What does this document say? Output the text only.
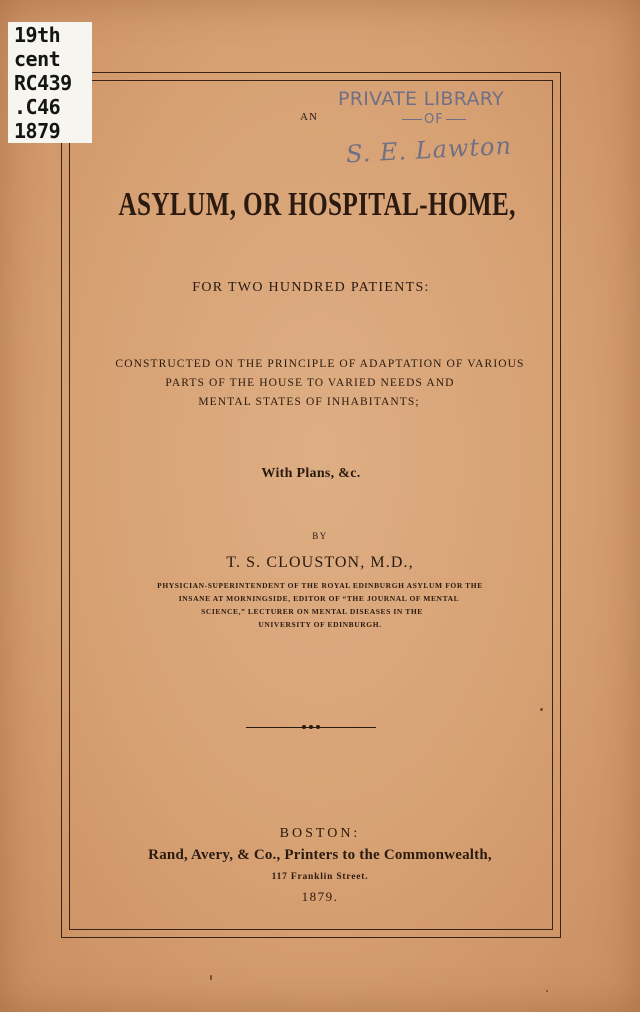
19th
cent
RC439
.C46
1879
PRIVATE LIBRARY
OF
S. E. Lawton
AN
ASYLUM, OR HOSPITAL-HOME,
FOR TWO HUNDRED PATIENTS:
CONSTRUCTED ON THE PRINCIPLE OF ADAPTATION OF VARIOUS
PARTS OF THE HOUSE TO VARIED NEEDS AND
MENTAL STATES OF INHABITANTS;
With Plans, &c.
BY
T. S. CLOUSTON, M.D.,
PHYSICIAN-SUPERINTENDENT OF THE ROYAL EDINBURGH ASYLUM FOR THE
INSANE AT MORNINGSIDE, EDITOR OF “THE JOURNAL OF MENTAL
SCIENCE,” LECTURER ON MENTAL DISEASES IN THE
UNIVERSITY OF EDINBURGH.
BOSTON:
Rand, Avery, & Co., Printers to the Commonwealth,
117 Franklin Street.
1879.
